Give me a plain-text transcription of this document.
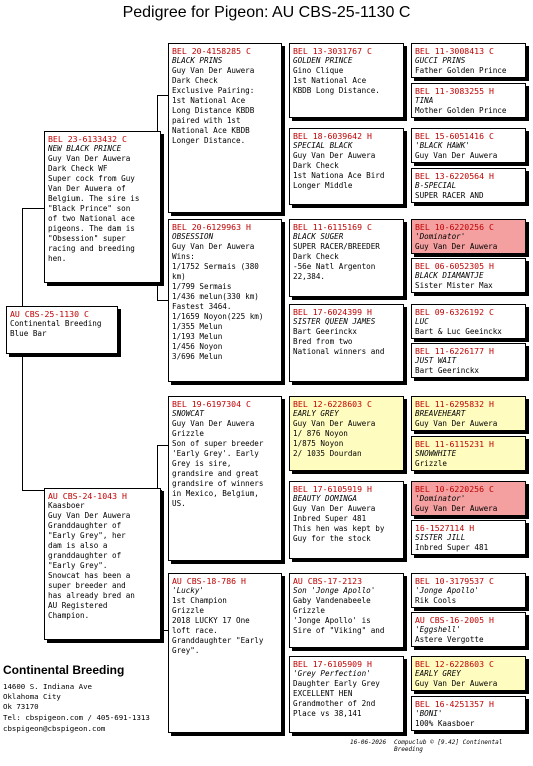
Pedigree for Pigeon: AU CBS-25-1130 C
AU CBS-25-1130 C
Continental Breeding
Blue Bar
BEL 23-6133432 C
NEW BLACK PRINCE
Guy Van Der Auwera
Dark Check WF
Super cock from Guy
Van Der Auwera of
Belgium. The sire is
"Black Prince" son
of two National ace
pigeons. The dam is
"Obsession" super
racing and breeding
hen.
AU CBS-24-1043 H
Kaasboer
Guy Van Der Auwera
Granddaughter of
"Early Grey", her
dam is also a
granddaughter of
"Early Grey".
Snowcat has been a
super breeder and
has already bred an
AU Registered
Champion.
BEL 20-4158285 C
BLACK PRINS
Guy Van Der Auwera
Dark Check
Exclusive Pairing:
1st National Ace
Long Distance KBDB
paired with 1st
National Ace KBDB
Longer Distance.
BEL 20-6129963 H
OBSESSION
Guy Van Der Auwera
Wins:
1/1752 Sermais (380
km)
1/799 Sermais
1/436 melun(330 km)
Fastest 3464.
1/1659 Noyon(225 km)
1/355 Melun
1/193 Melun
1/456 Noyon
3/696 Melun
BEL 19-6197304 C
SNOWCAT
Guy Van Der Auwera
Grizzle
Son of super breeder
'Early Grey'. Early
Grey is sire,
grandsire and great
grandsire of winners
in Mexico, Belgium,
US.
AU CBS-18-786 H
'Lucky'
1st Champion
Grizzle
2018 LUCKY 17 One
loft race.
Granddaughter "Early
Grey".
BEL 13-3031767 C
GOLDEN PRINCE
Gino Clique
1st National Ace
KBDB Long Distance.
BEL 18-6039642 H
SPECIAL BLACK
Guy Van Der Auwera
Dark Check
1st Nationa Ace Bird
Longer Middle
BEL 11-6115169 C
BLACK SUGER
SUPER RACER/BREEDER
Dark Check
-56e Natl Argenton
22,384.
BEL 17-6024399 H
SISTER QUEEN JAMES
Bart Geerinckx
Bred from two
National winners and
BEL 12-6228603 C
EARLY GREY
Guy Van Der Auwera
1/ 876 Noyon
1/875 Noyon
2/ 1035 Dourdan
BEL 17-6105919 H
BEAUTY DOMINGA
Guy Van Der Auwera
Inbred Super 481
This hen was kept by
Guy for the stock
AU CBS-17-2123
Son 'Jonge Apollo'
Gaby Vandenabeele
Grizzle
'Jonge Apollo' is
Sire of "Viking" and
BEL 17-6105909 H
'Grey Perfection'
Daughter Early Grey
EXCELLENT HEN
Grandmother of 2nd
Place vs 38,141
BEL 11-3008413 C
GUCCI PRINS
Father Golden Prince
BEL 11-3083255 H
TINA
Mother Golden Prince
BEL 15-6051416 C
'BLACK HAWK'
Guy Van Der Auwera
BEL 13-6220564 H
B-SPECIAL
SUPER RACER AND
BEL 10-6220256 C
'Dominator'
Guy Van Der Auwera
BEL 06-6052305 H
BLACK DIAMANTJE
Sister Mister Max
BEL 09-6326192 C
LUC
Bart & Luc Geeinckx
BEL 11-6226177 H
JUST WAIT
Bart Geerinckx
BEL 11-6295832 H
BREAVEHEART
Guy Van Der Auwera
BEL 11-6115231 H
SNOWWHITE
Grizzle
BEL 10-6220256 C
'Dominator'
Guy Van Der Auwera
16-1527114 H
SISTER JILL
Inbred Super 481
BEL 10-3179537 C
'Jonge Apollo'
Rik Cools
AU CBS-16-2005 H
'Eggshell'
Astere Vergotte
BEL 12-6228603 C
EARLY GREY
Guy Van Der Auwera
BEL 16-4251357 H
'BONI'
100% Kaasboer
Continental Breeding
14600 S. Indiana Ave
Oklahoma City
Ok 73170
Tel: cbspigeon.com / 405-691-1313
cbspigeon@cbspigeon.com
16-06-2026 Compuclub © [9.42] Continental Breeding
